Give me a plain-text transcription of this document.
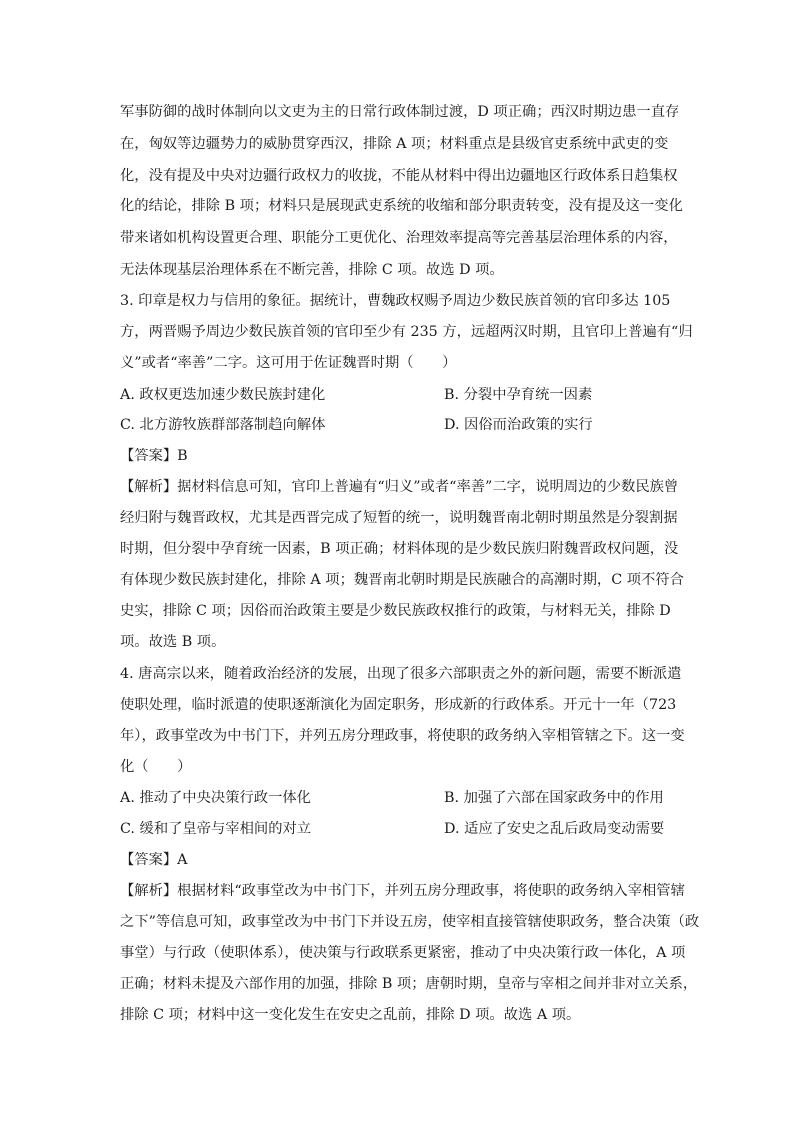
军事防御的战时体制向以文吏为主的日常行政体制过渡，D 项正确；西汉时期边患一直存
在，匈奴等边疆势力的威胁贯穿西汉，排除 A 项；材料重点是县级官吏系统中武吏的变
化，没有提及中央对边疆行政权力的收拢，不能从材料中得出边疆地区行政体系日趋集权
化的结论，排除 B 项；材料只是展现武吏系统的收缩和部分职责转变，没有提及这一变化
带来诸如机构设置更合理、职能分工更优化、治理效率提高等完善基层治理体系的内容，
无法体现基层治理体系在不断完善，排除 C 项。故选 D 项。
3. 印章是权力与信用的象征。据统计，曹魏政权赐予周边少数民族首领的官印多达 105
方，两晋赐予周边少数民族首领的官印至少有 235 方，远超两汉时期，且官印上普遍有“归
义”或者“率善”二字。这可用于佐证魏晋时期（　　）
A. 政权更迭加速少数民族封建化	B. 分裂中孕育统一因素
C. 北方游牧族群部落制趋向解体	D. 因俗而治政策的实行
【答案】B
【解析】据材料信息可知，官印上普遍有“归义”或者“率善”二字，说明周边的少数民族曾
经归附与魏晋政权，尤其是西晋完成了短暂的统一，说明魏晋南北朝时期虽然是分裂割据
时期，但分裂中孕育统一因素，B 项正确；材料体现的是少数民族归附魏晋政权问题，没
有体现少数民族封建化，排除 A 项；魏晋南北朝时期是民族融合的高潮时期，C 项不符合
史实，排除 C 项；因俗而治政策主要是少数民族政权推行的政策，与材料无关，排除 D
项。故选 B 项。
4. 唐高宗以来，随着政治经济的发展，出现了很多六部职责之外的新问题，需要不断派遣
使职处理，临时派遣的使职逐渐演化为固定职务，形成新的行政体系。开元十一年（723
年），政事堂改为中书门下，并列五房分理政事，将使职的政务纳入宰相管辖之下。这一变
化（　　）
A. 推动了中央决策行政一体化	B. 加强了六部在国家政务中的作用
C. 缓和了皇帝与宰相间的对立	D. 适应了安史之乱后政局变动需要
【答案】A
【解析】根据材料“政事堂改为中书门下，并列五房分理政事，将使职的政务纳入宰相管辖
之下”等信息可知，政事堂改为中书门下并设五房，使宰相直接管辖使职政务，整合决策（政
事堂）与行政（使职体系），使决策与行政联系更紧密，推动了中央决策行政一体化，A 项
正确；材料未提及六部作用的加强，排除 B 项；唐朝时期，皇帝与宰相之间并非对立关系，
排除 C 项；材料中这一变化发生在安史之乱前，排除 D 项。故选 A 项。
